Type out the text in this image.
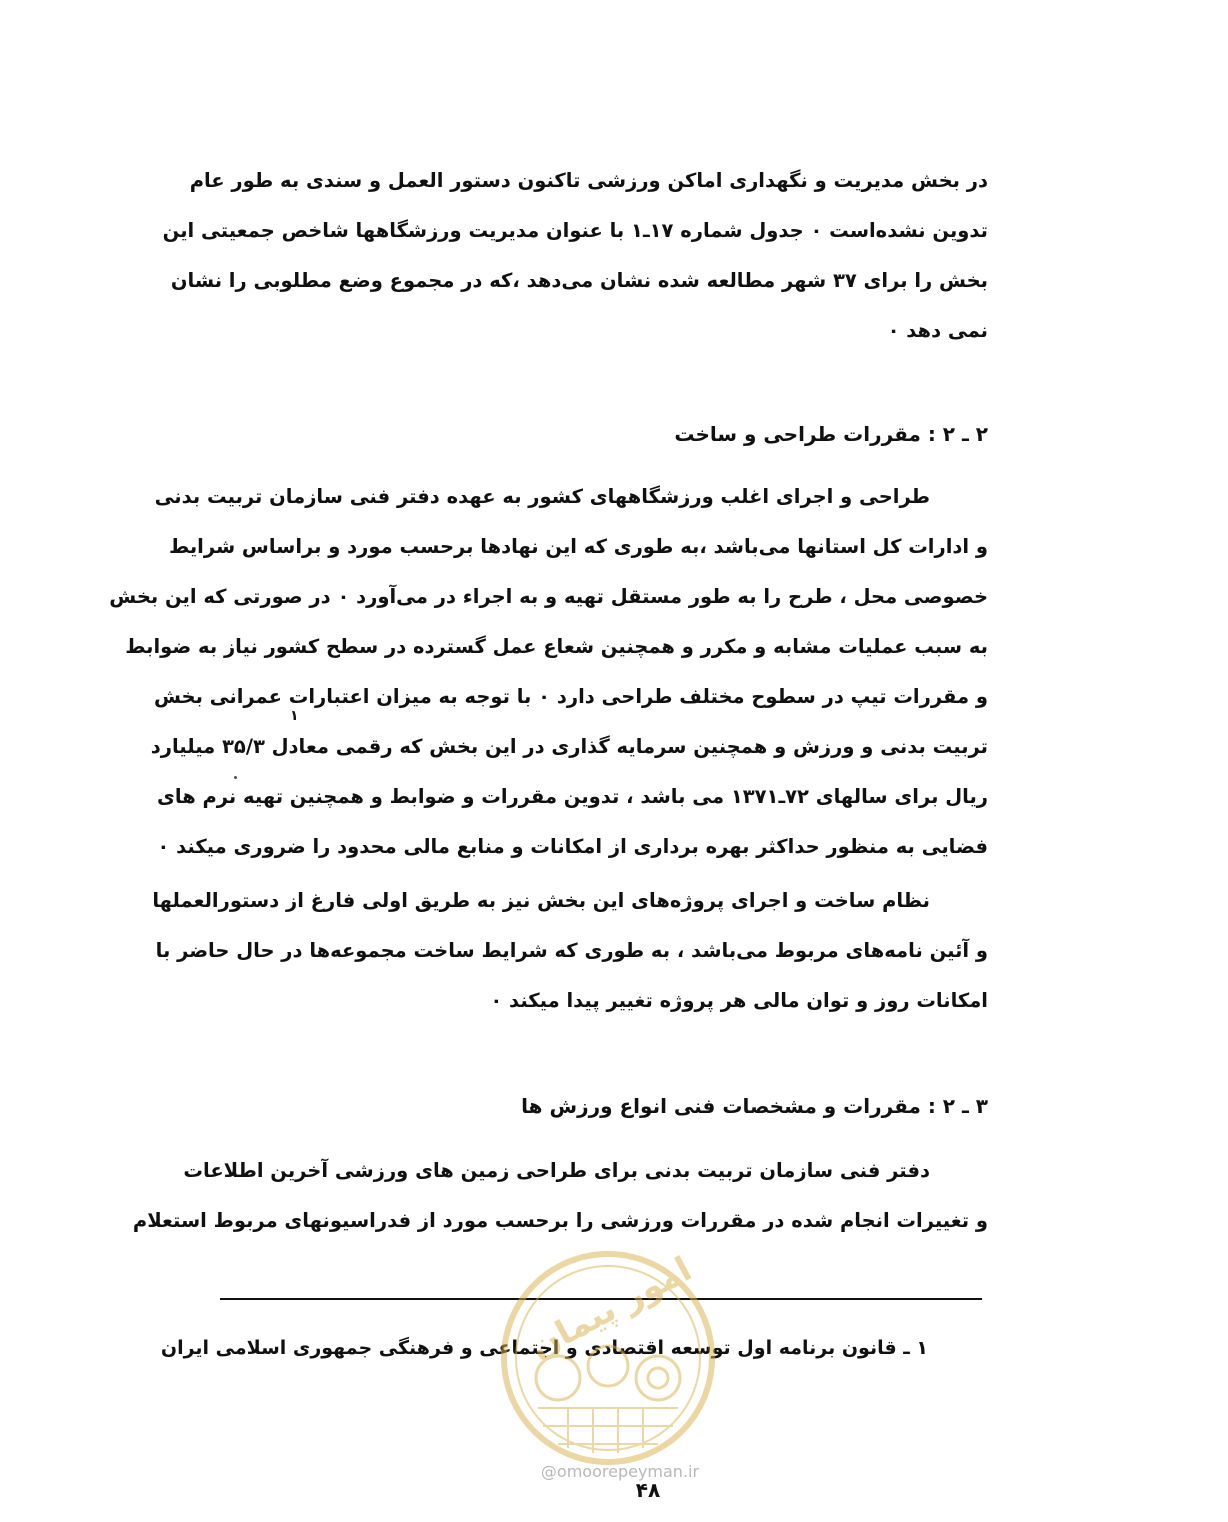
در بخش مدیریت و نگهداری اماکن ورزشی تاکنون دستور العمل و سندی به طور عام
تدوین نشده‌است ۰ جدول شماره ۱۷ـ۱ با عنوان مدیریت ورزشگاهها شاخص جمعیتی این
بخش را برای ۳۷ شهر مطالعه شده نشان می‌دهد ،که در مجموع وضع مطلوبی را نشان
نمی دهد ۰
۲ ـ ۲ : مقررات طراحی و ساخت
طراحی و اجرای اغلب ورزشگاههای کشور به عهده دفتر فنی سازمان تربیت بدنی
و ادارات کل استانها می‌باشد ،به طوری که این نهادها برحسب مورد و براساس شرایط
خصوصی محل ، طرح را به طور مستقل تهیه و به اجراء در می‌آورد ۰ در صورتی که این بخش
به سبب عملیات مشابه و مکرر و همچنین شعاع عمل گسترده در سطح کشور نیاز به ضوابط
و مقررات تیپ در سطوح مختلف طراحی دارد ۰ با توجه به میزان اعتبارات عمرانی بخش
تربیت بدنی و ورزش و همچنین سرمایه گذاری در این بخش که رقمی معادل ۳۵/۳ میلیارد
ریال برای سالهای ۷۲ـ۱۳۷۱ می باشد ، تدوین مقررات و ضوابط و همچنین تهیه نرم های
فضایی به منظور حداکثر بهره برداری از امکانات و منابع مالی محدود را ضروری میکند ۰
۱
نظام ساخت و اجرای پروژه‌های این بخش نیز به طریق اولی فارغ از دستورالعملها
و آئین نامه‌های مربوط می‌باشد ، به طوری که شرایط ساخت مجموعه‌ها در حال حاضر با
امکانات روز و توان مالی هر پروژه تغییر پیدا میکند ۰
۳ ـ ۲ : مقررات و مشخصات فنی انواع ورزش ها
دفتر فنی سازمان تربیت بدنی برای طراحی زمین های ورزشی آخرین اطلاعات
و تغییرات انجام شده در مقررات ورزشی را برحسب مورد از فدراسیونهای مربوط استعلام
۱ ـ قانون برنامه اول توسعه اقتصادی و اجتماعی و فرهنگی جمهوری اسلامی ایران
امور پیمان
@omoorepeyman.ir
۴۸
